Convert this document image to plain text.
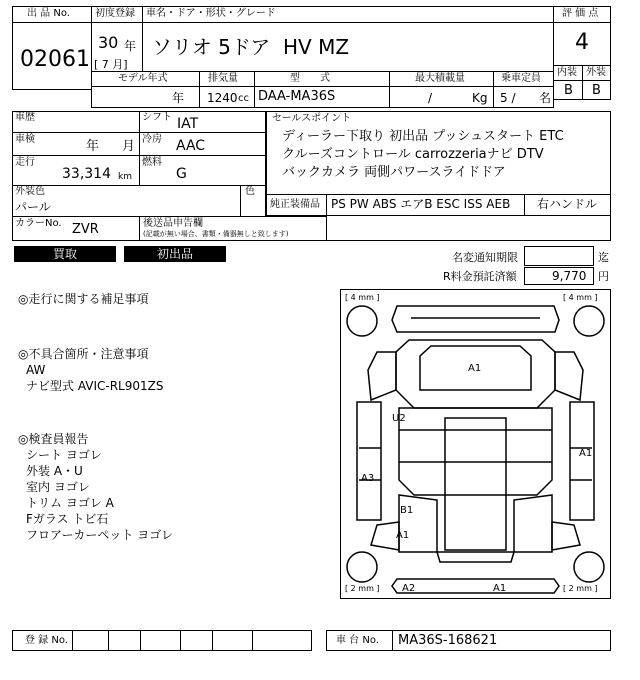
出 品 No.
02061
初度登録
30 年
[ 7 月]
車名・ドア・形状・グレード
ソリオ 5ドア  HV MZ
評 価 点
4
内装 外装
B B
モデル年式	排気量	型　　式	最大積載量	乗車定員
年 1240 cc DAA-MA36S	/	Kg 5 / 名
車歴	シフト IAT
車検	年 月 冷房 AAC
走行
33,314 km
燃料
G
外装色
パール
色
カラーNo. ZVR	後送品申告欄
(記載が無い場合、書類・備器無しと致します)
セールスポイント
ディーラー下取り 初出品 プッシュスタート ETC
クルーズコントロール carrozzeriaナビ DTV
バックカメラ 両側パワースライドドア
純正装備品 PS PW ABS エアB ESC ISS AEB 右ハンドル
買取	初出品	名変通知期限	迄
R料金預託済額	9,770 円
◎走行に関する補足事項
◎不具合箇所・注意事項
AW
ナビ型式 AVIC-RL901ZS
◎検査員報告
シート ヨゴレ
外装 A・U
室内 ヨゴレ
トリム ヨゴレ A
Fガラス トビ石
フロアーカーペット ヨゴレ
[ 4 mm ]	[ 4 mm ]
[ 2 mm ]	[ 2 mm ]
A1
U2
A3
A1
B1
A1
A2	A1
登 録 No.	車 台 No. MA36S-168621
